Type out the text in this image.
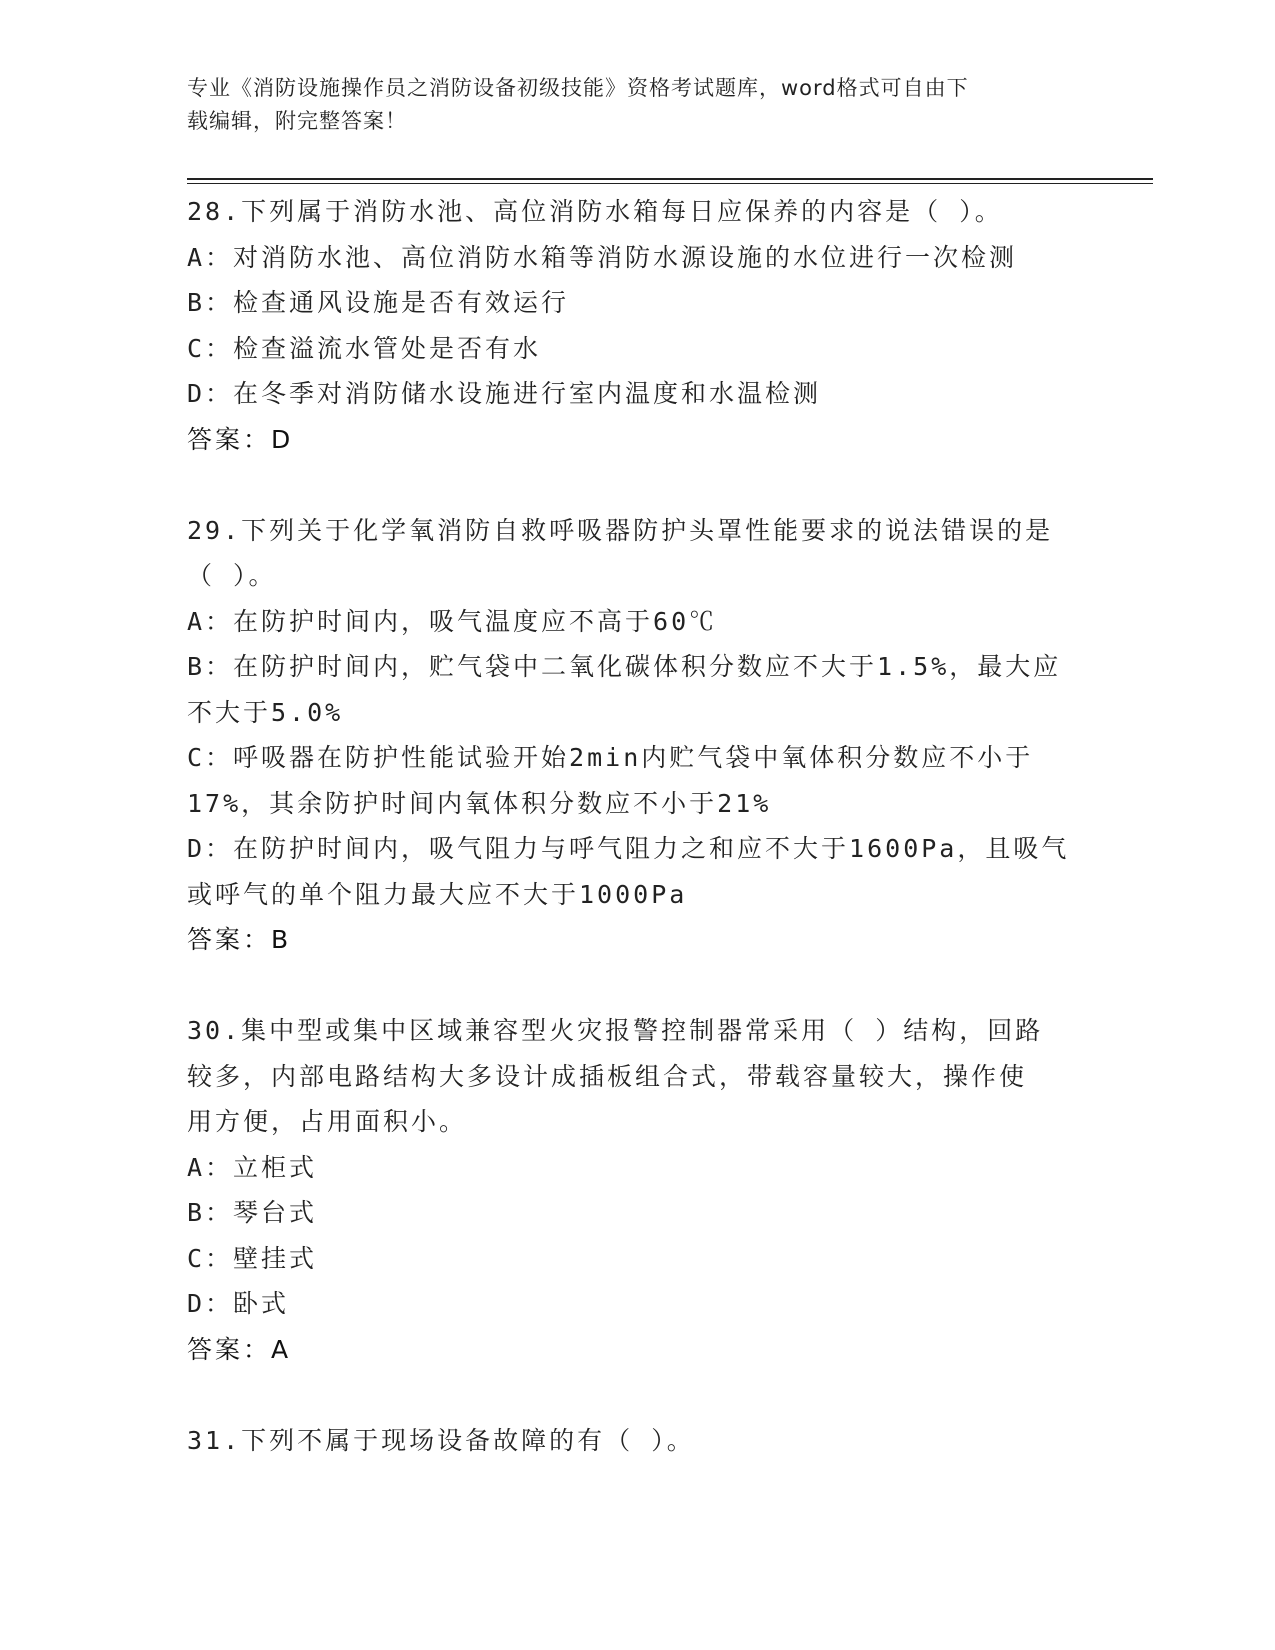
专业《消防设施操作员之消防设备初级技能》资格考试题库，word格式可自由下
载编辑，附完整答案！
28.下列属于消防水池、高位消防水箱每日应保养的内容是（ ）。
A：对消防水池、高位消防水箱等消防水源设施的水位进行一次检测
B：检查通风设施是否有效运行
C：检查溢流水管处是否有水
D：在冬季对消防储水设施进行室内温度和水温检测
答案：D
29.下列关于化学氧消防自救呼吸器防护头罩性能要求的说法错误的是
（ ）。
A：在防护时间内，吸气温度应不高于60℃
B：在防护时间内，贮气袋中二氧化碳体积分数应不大于1.5%，最大应
不大于5.0%
C：呼吸器在防护性能试验开始2min内贮气袋中氧体积分数应不小于
17%，其余防护时间内氧体积分数应不小于21%
D：在防护时间内，吸气阻力与呼气阻力之和应不大于1600Pa，且吸气
或呼气的单个阻力最大应不大于1000Pa
答案：B
30.集中型或集中区域兼容型火灾报警控制器常采用（ ）结构，回路
较多，内部电路结构大多设计成插板组合式，带载容量较大，操作使
用方便，占用面积小。
A：立柜式
B：琴台式
C：壁挂式
D：卧式
答案：A
31.下列不属于现场设备故障的有（ ）。
